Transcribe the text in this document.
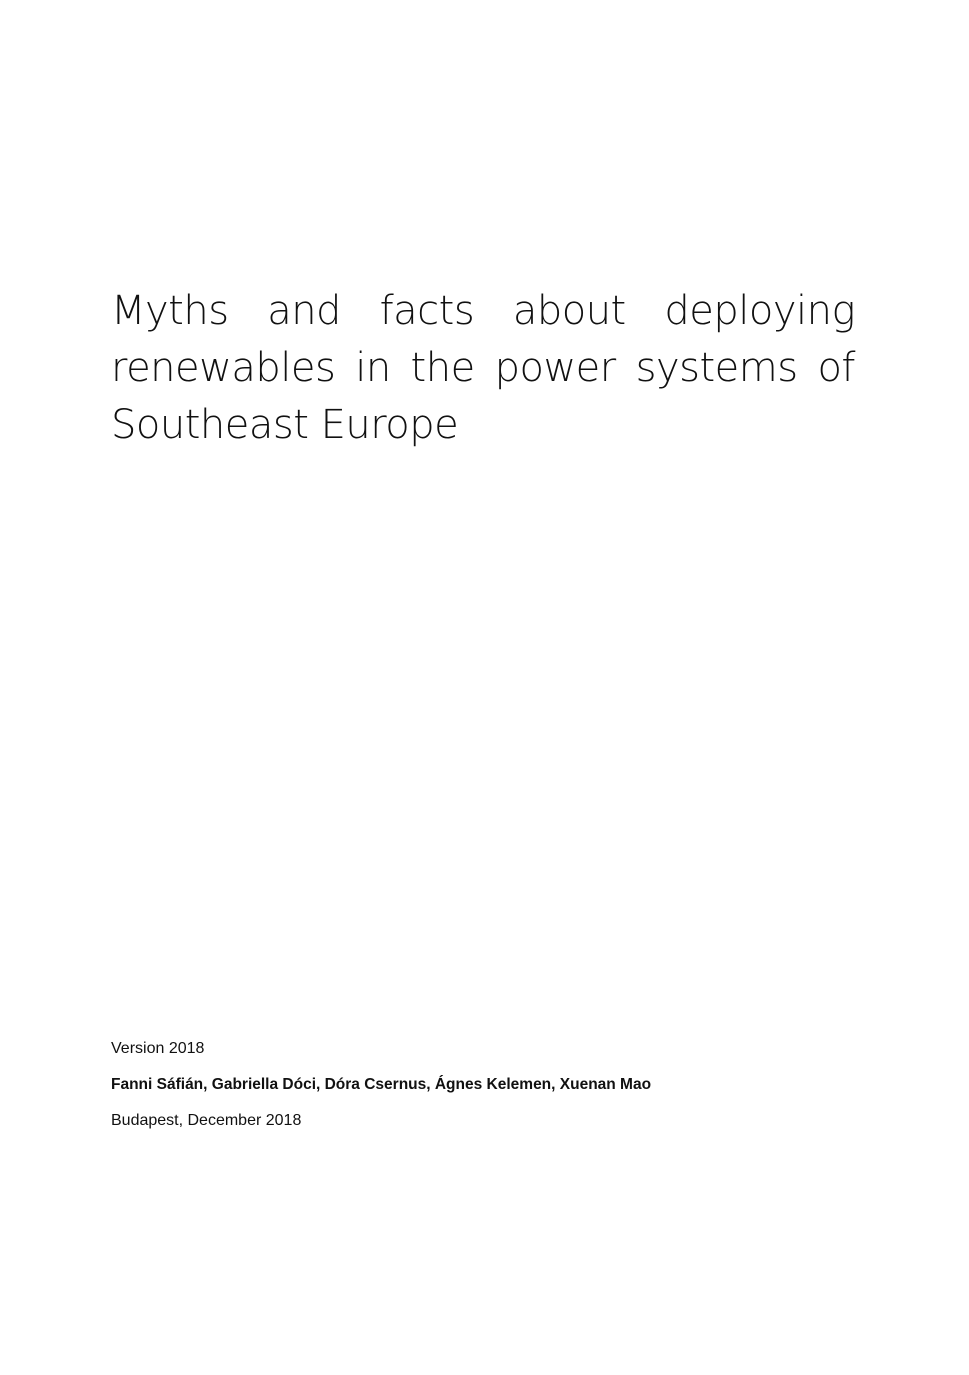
Myths and facts about deploying
renewables in the power systems of
Southeast Europe

Version 2018

Fanni Sáfián, Gabriella Dóci, Dóra Csernus, Ágnes Kelemen, Xuenan Mao

Budapest, December 2018
